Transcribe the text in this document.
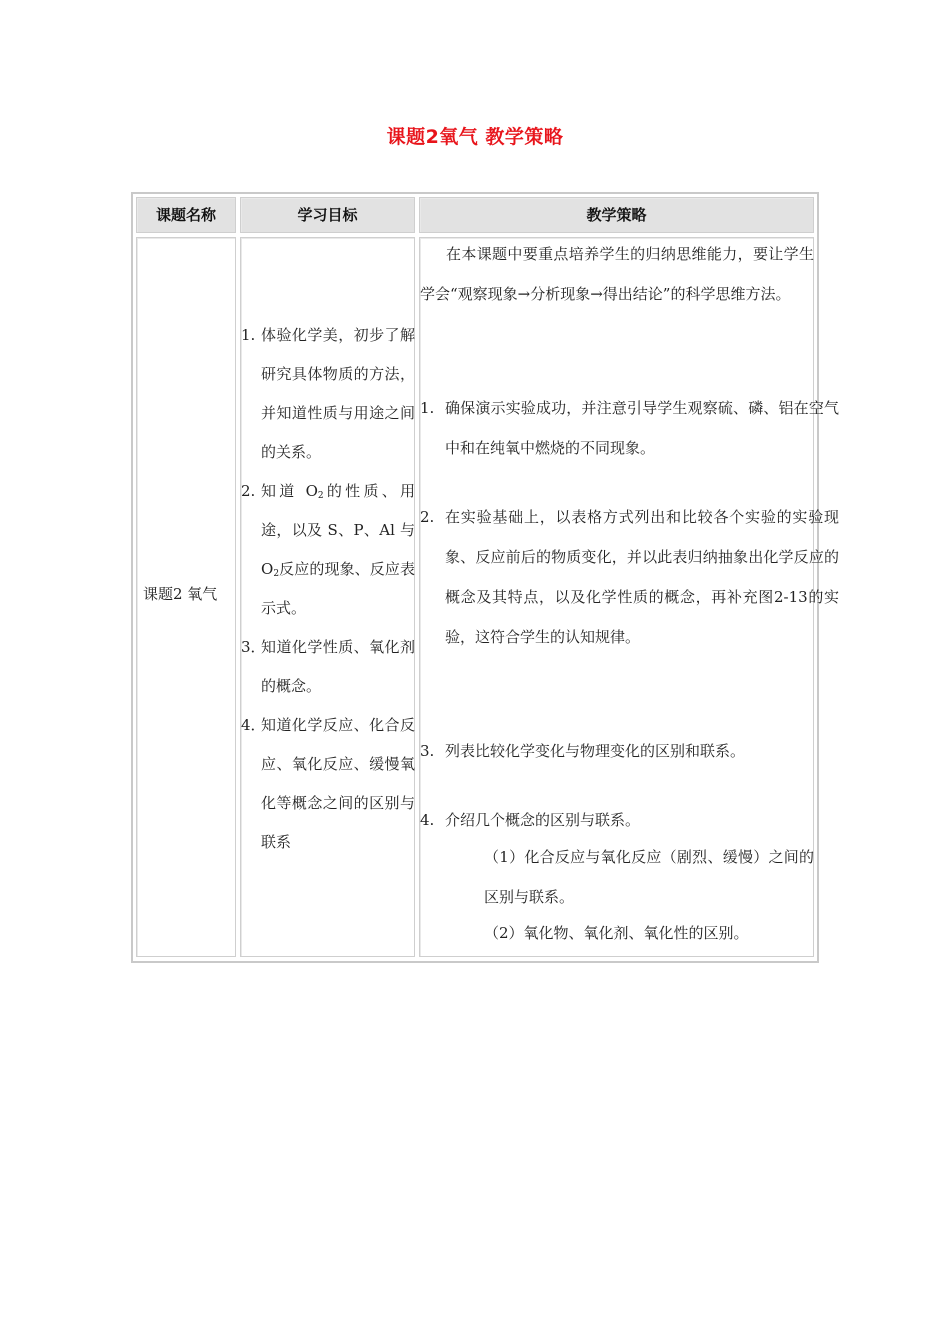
课题2氧气 教学策略
课题名称	学习目标	教学策略
课题2 氧气
1. 体验化学美，初步了解研究具体物质的方法，并知道性质与用途之间的关系。
2. 知道 $O_2$的性质、用途，以及 S、P、Al 与 $O_2$反应的现象、反应表示式。
3．
知道化学性质、氧化剂的概念。
4．
知道化学反应、化合反应、氧化反应、缓慢氧化等概念之间的区别与联系
在本课题中要重点培养学生的归纳思维能力，要让学生学会“观察现象→分析现象→得出结论”的科学思维方法。
1. 确保演示实验成功，并注意引导学生观察硫、磷、铝在空气中和在纯氧中燃烧的不同现象。
2. 在实验基础上，以表格方式列出和比较各个实验的实验现象、反应前后的物质变化，并以此表归纳抽象出化学反应的概念及其特点，以及化学性质的概念，再补充图2-13的实验，这符合学生的认知规律。
3. 列表比较化学变化与物理变化的区别和联系。
4. 介绍几个概念的区别与联系。
（1）化合反应与氧化反应（剧烈、缓慢）之间的区别与联系。
（2）氧化物、氧化剂、氧化性的区别。
